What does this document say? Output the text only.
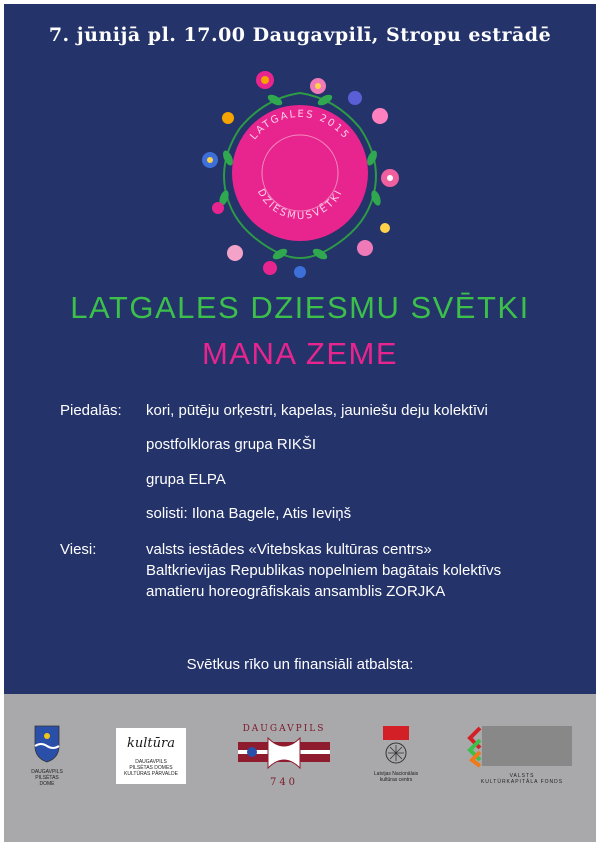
7. jūnijā pl. 17.00 Daugavpilī, Stropu estrādē
LATGALES 2015
DZIESMUSVĒTKI
LATGALES DZIESMU SVĒTKI
MANA ZEME
Piedalās: kori, pūtēju orķestri, kapelas, jauniešu deju kolektīvi
postfolkloras grupa RIKŠI
grupa ELPA
solisti: Ilona Bagele, Atis Ieviņš
Viesi:	valsts iestādes «Vitebskas kultūras centrs»
Baltkrievijas Republikas nopelniem bagātais kolektīvs
amatieru horeogrāfiskais ansamblis ZORJKA
Svētkus rīko un finansiāli atbalsta:
DAUGAVPILS
PILSĒTAS
DOME
kultūra
DAUGAVPILS
PILSĒTAS DOMES
KULTŪRAS PĀRVALDE
DAUGAVPILS
740
Latvijas Nacionālais
kultūras centrs
VALSTS
KULTŪRKAPITĀLA FONDS
